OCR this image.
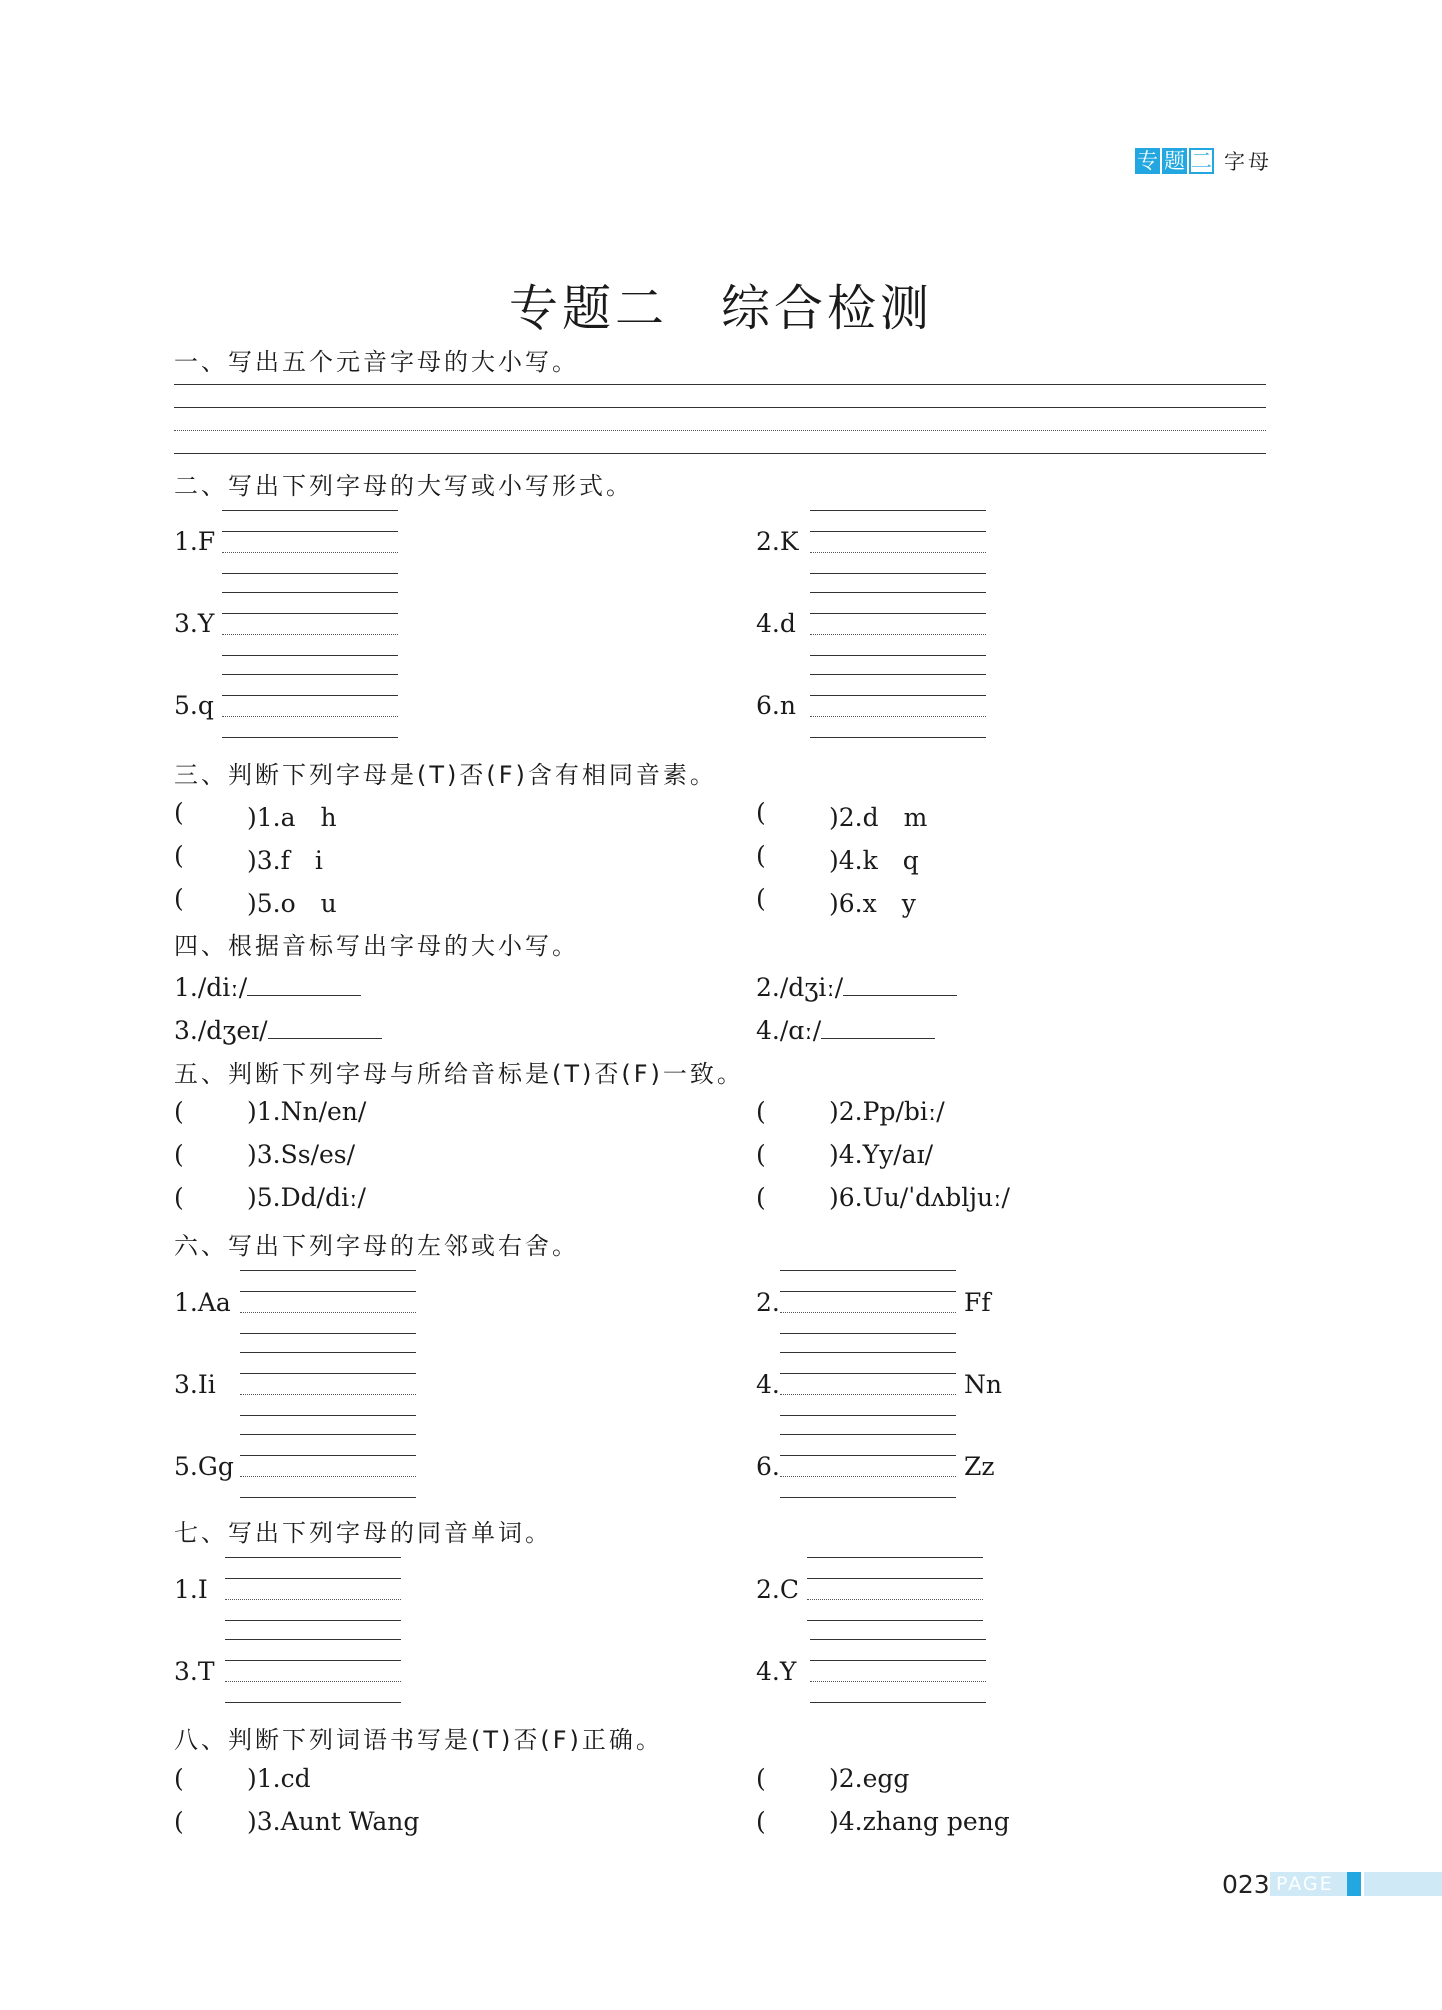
专 题 二 字母
专题二　综合检测
一、写出五个元音字母的大小写。
二、写出下列字母的大写或小写形式。
1.F	2.K
3.Y	4.d
5.q	6.n
三、判断下列字母是(T)否(F)含有相同音素。
(	)1.a　h	(	)2.d　m
(	)3.f　i	(	)4.k　q
(	)5.o　u	(	)6.x　y
四、根据音标写出字母的大小写。
1./diː/	2./dʒiː/
3./dʒeɪ/	4./ɑː/
五、判断下列字母与所给音标是(T)否(F)一致。
(	)1.Nn/en/	(	)2.Pp/biː/
(	)3.Ss/es/	(	)4.Yy/aɪ/
(	)5.Dd/diː/	(	)6.Uu/ˈdʌbljuː/
六、写出下列字母的左邻或右舍。
1.Aa	2.	Ff
3.Ii	4.	Nn
5.Gg	6.	Zz
七、写出下列字母的同音单词。
1.I	2.C
3.T	4.Y
八、判断下列词语书写是(T)否(F)正确。
(	)1.cd	(	)2.egg
(	)3.Aunt Wang	(	)4.zhang peng
023 PAGE
